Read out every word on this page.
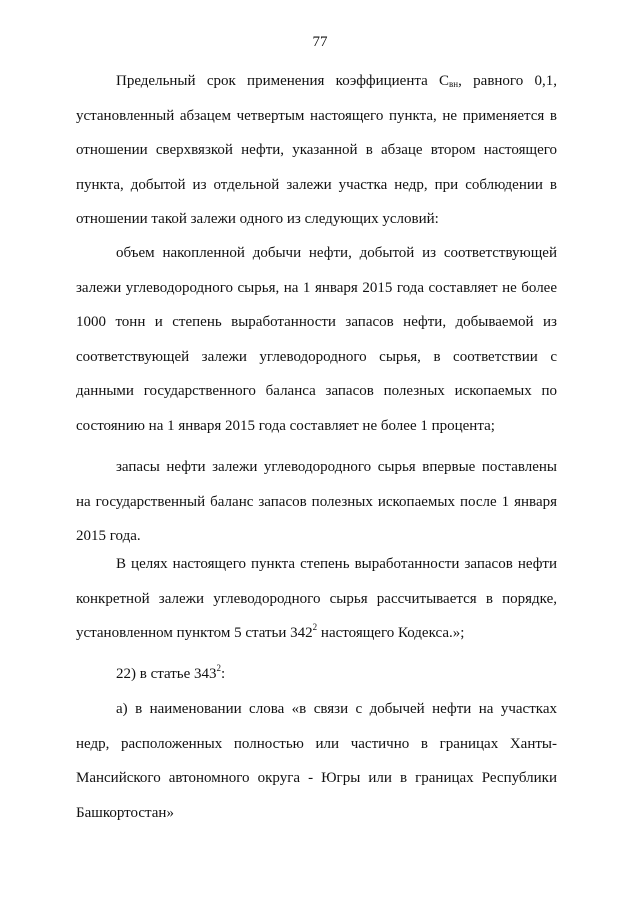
77

Предельный срок применения коэффициента $С_{вн}$, равного 0,1, установленный абзацем четвертым настоящего пункта, не применяется в отношении сверхвязкой нефти, указанной в абзаце втором настоящего пункта, добытой из отдельной залежи участка недр, при соблюдении в отношении такой залежи одного из следующих условий:

объем накопленной добычи нефти, добытой из соответствующей залежи углеводородного сырья, на 1 января 2015 года составляет не более 1000 тонн и степень выработанности запасов нефти, добываемой из соответствующей залежи углеводородного сырья, в соответствии с данными государственного баланса запасов полезных ископаемых по состоянию на 1 января 2015 года составляет не более 1 процента;

запасы нефти залежи углеводородного сырья впервые поставлены на государственный баланс запасов полезных ископаемых после 1 января 2015 года.

В целях настоящего пункта степень выработанности запасов нефти конкретной залежи углеводородного сырья рассчитывается в порядке, установленном пунктом 5 статьи $342^2$ настоящего Кодекса.»;

22) в статье $343^2$:

а) в наименовании слова «в связи с добычей нефти на участках недр, расположенных полностью или частично в границах Ханты-Мансийского автономного округа - Югры или в границах Республики Башкортостан»
